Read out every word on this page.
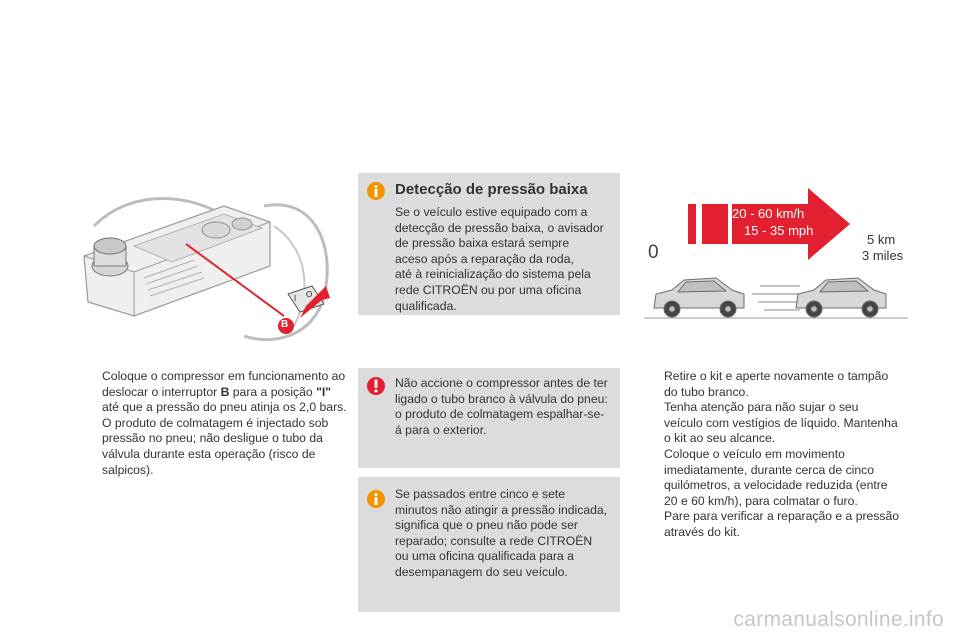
I O
B
Coloque o compressor em funcionamento ao
deslocar o interruptor B para a posição "I"
até que a pressão do pneu atinja os 2,0 bars.
O produto de colmatagem é injectado sob
pressão no pneu; não desligue o tubo da
válvula durante esta operação (risco de
salpicos).
Detecção de pressão baixa
Se o veículo estive equipado com a
detecção de pressão baixa, o avisador
de pressão baixa estará sempre
aceso após a reparação da roda,
até à reinicialização do sistema pela
rede CITROËN ou por uma oficina
qualificada.
Não accione o compressor antes de ter
ligado o tubo branco à válvula do pneu:
o produto de colmatagem espalhar-se-
á para o exterior.
Se passados entre cinco e sete
minutos não atingir a pressão indicada,
significa que o pneu não pode ser
reparado; consulte a rede CITROËN
ou uma oficina qualificada para a
desempanagem do seu veículo.
20 - 60 km/h
15 - 35 mph
5 km
3 miles
0
Retire o kit e aperte novamente o tampão
do tubo branco.
Tenha atenção para não sujar o seu
veículo com vestígios de líquido. Mantenha
o kit ao seu alcance.
Coloque o veículo em movimento
imediatamente, durante cerca de cinco
quilómetros, a velocidade reduzida (entre
20 e 60 km/h), para colmatar o furo.
Pare para verificar a reparação e a pressão
através do kit.
carmanualsonline.info
